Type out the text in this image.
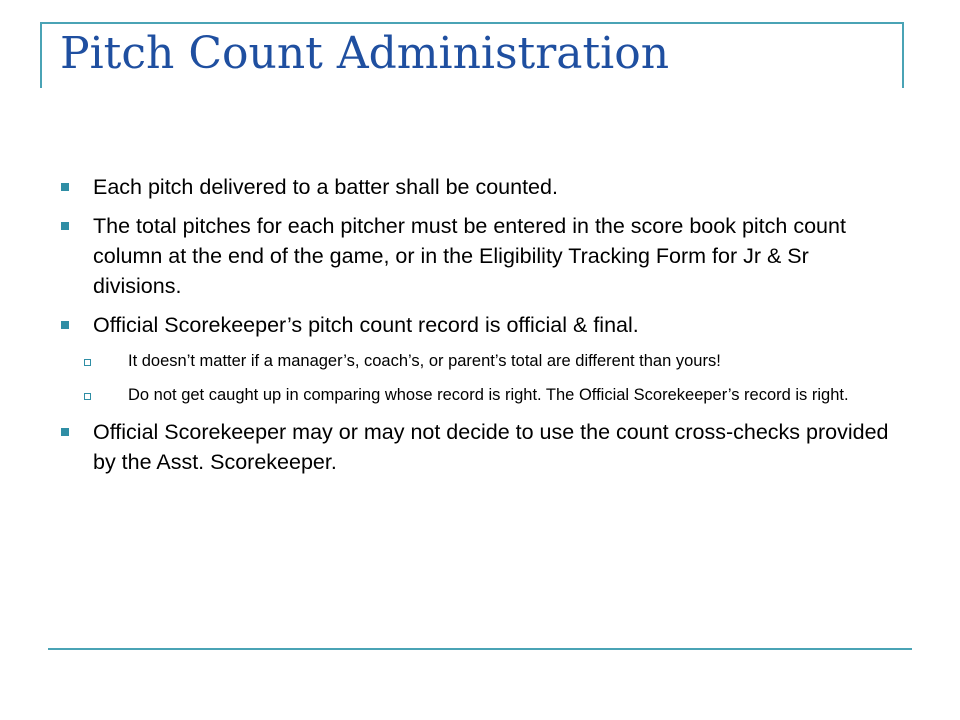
Pitch Count Administration
Each pitch delivered to a batter shall be counted.
The total pitches for each pitcher must be entered in the score book pitch count column at the end of the game, or in the Eligibility Tracking Form for Jr & Sr divisions.
Official Scorekeeper’s pitch count record is official & final.
It doesn’t matter if a manager’s, coach’s, or parent’s total are different than yours!
Do not get caught up in comparing whose record is right. The Official Scorekeeper’s record is right.
Official Scorekeeper may or may not decide to use the count cross-checks provided by the Asst. Scorekeeper.
